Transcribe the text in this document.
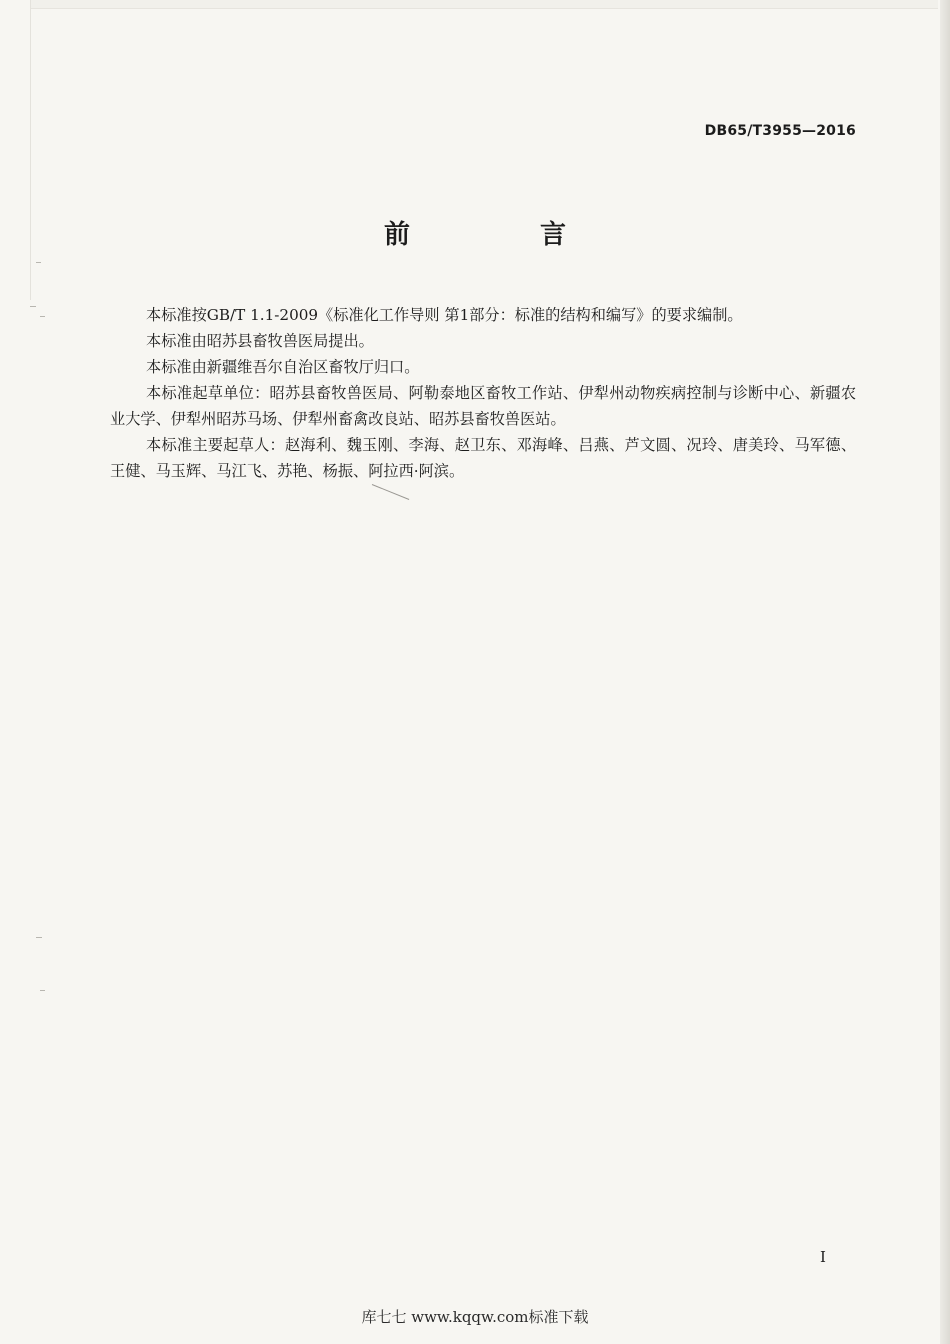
DB65/T3955—2016
前　言

本标准按GB/T 1.1-2009《标准化工作导则 第1部分：标准的结构和编写》的要求编制。

本标准由昭苏县畜牧兽医局提出。

本标准由新疆维吾尔自治区畜牧厅归口。

本标准起草单位：昭苏县畜牧兽医局、阿勒泰地区畜牧工作站、伊犁州动物疾病控制与诊断中心、新疆农业大学、伊犁州昭苏马场、伊犁州畜禽改良站、昭苏县畜牧兽医站。

本标准主要起草人：赵海利、魏玉刚、李海、赵卫东、邓海峰、吕燕、芦文圆、况玲、唐美玲、马军德、王健、马玉辉、马江飞、苏艳、杨振、阿拉西·阿滨。

I
库七七 www.kqqw.com标准下载
